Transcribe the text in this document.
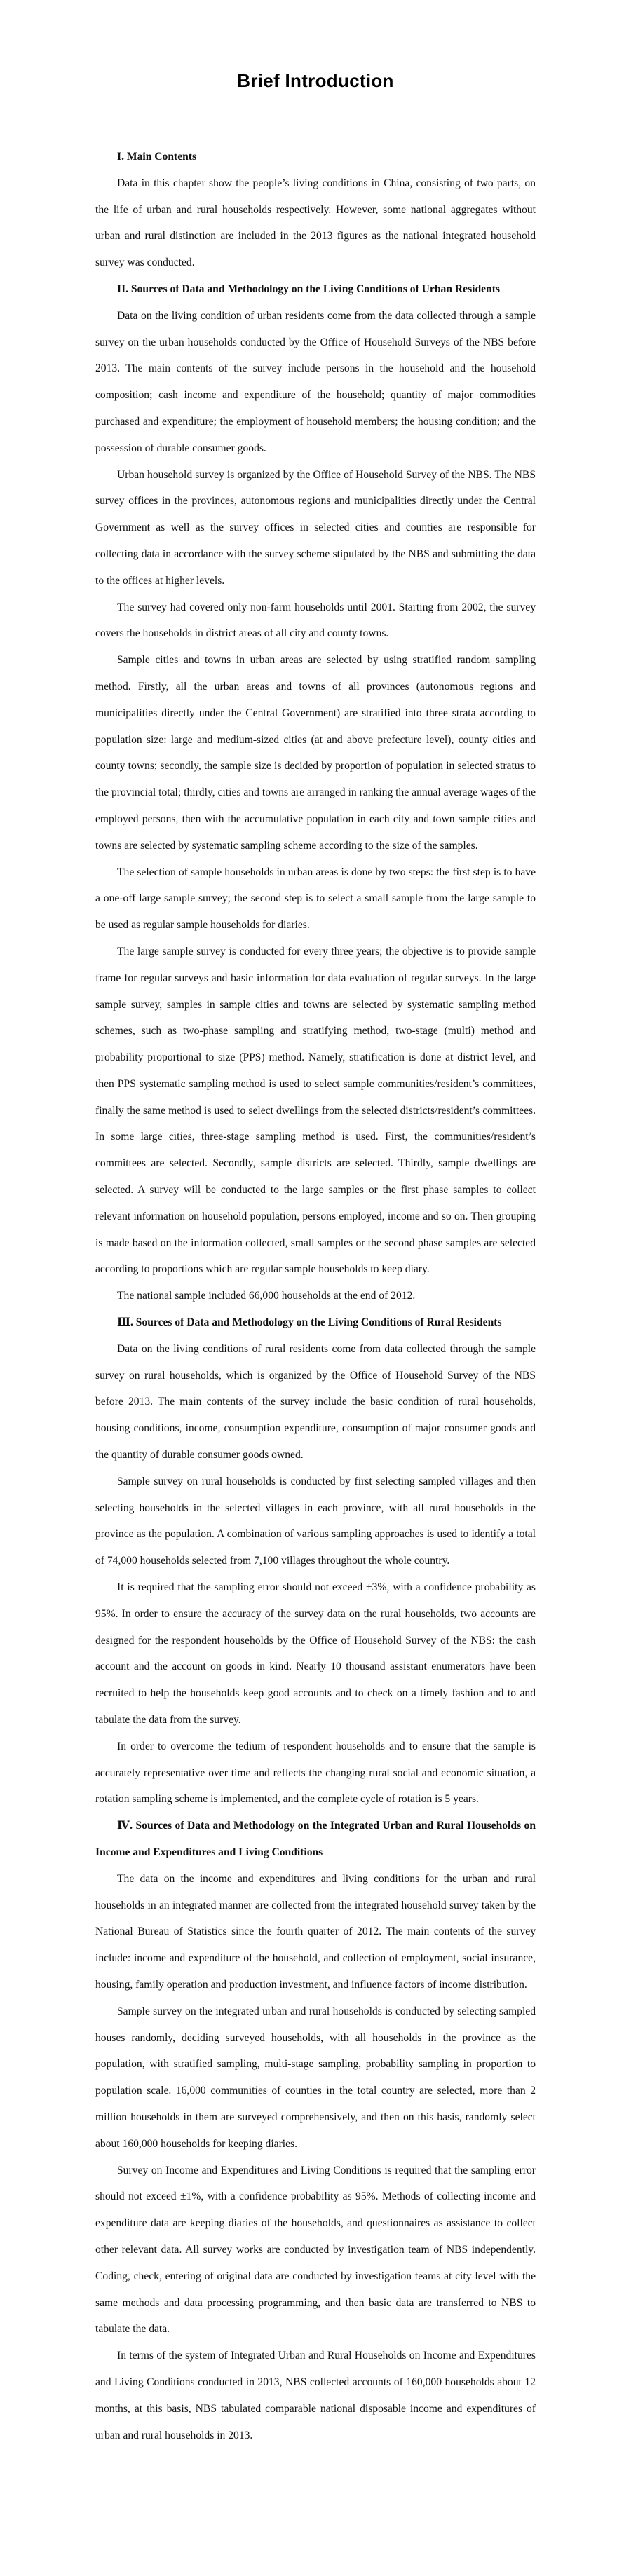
Brief Introduction

I. Main Contents

Data in this chapter show the people’s living conditions in China, consisting of two parts, on the life of urban and rural households respectively. However, some national aggregates without urban and rural distinction are included in the 2013 figures as the national integrated household survey was conducted.

II. Sources of Data and Methodology on the Living Conditions of Urban Residents

Data on the living condition of urban residents come from the data collected through a sample survey on the urban households conducted by the Office of Household Surveys of the NBS before 2013. The main contents of the survey include persons in the household and the household composition; cash income and expenditure of the household; quantity of major commodities purchased and expenditure; the employment of household members; the housing condition; and the possession of durable consumer goods.

Urban household survey is organized by the Office of Household Survey of the NBS. The NBS survey offices in the provinces, autonomous regions and municipalities directly under the Central Government as well as the survey offices in selected cities and counties are responsible for collecting data in accordance with the survey scheme stipulated by the NBS and submitting the data to the offices at higher levels.

The survey had covered only non-farm households until 2001. Starting from 2002, the survey covers the households in district areas of all city and county towns.

Sample cities and towns in urban areas are selected by using stratified random sampling method. Firstly, all the urban areas and towns of all provinces (autonomous regions and municipalities directly under the Central Government) are stratified into three strata according to population size: large and medium-sized cities (at and above prefecture level), county cities and county towns; secondly, the sample size is decided by proportion of population in selected stratus to the provincial total; thirdly, cities and towns are arranged in ranking the annual average wages of the employed persons, then with the accumulative population in each city and town sample cities and towns are selected by systematic sampling scheme according to the size of the samples.

The selection of sample households in urban areas is done by two steps: the first step is to have a one-off large sample survey; the second step is to select a small sample from the large sample to be used as regular sample households for diaries.

The large sample survey is conducted for every three years; the objective is to provide sample frame for regular surveys and basic information for data evaluation of regular surveys. In the large sample survey, samples in sample cities and towns are selected by systematic sampling method schemes, such as two-phase sampling and stratifying method, two-stage (multi) method and probability proportional to size (PPS) method. Namely, stratification is done at district level, and then PPS systematic sampling method is used to select sample communities/resident’s committees, finally the same method is used to select dwellings from the selected districts/resident’s committees. In some large cities, three-stage sampling method is used. First, the communities/resident’s committees are selected. Secondly, sample districts are selected. Thirdly, sample dwellings are selected. A survey will be conducted to the large samples or the first phase samples to collect relevant information on household population, persons employed, income and so on. Then grouping is made based on the information collected, small samples or the second phase samples are selected according to proportions which are regular sample households to keep diary.

The national sample included 66,000 households at the end of 2012.

Ⅲ. Sources of Data and Methodology on the Living Conditions of Rural Residents

Data on the living conditions of rural residents come from data collected through the sample survey on rural households, which is organized by the Office of Household Survey of the NBS before 2013. The main contents of the survey include the basic condition of rural households, housing conditions, income, consumption expenditure, consumption of major consumer goods and the quantity of durable consumer goods owned.

Sample survey on rural households is conducted by first selecting sampled villages and then selecting households in the selected villages in each province, with all rural households in the province as the population. A combination of various sampling approaches is used to identify a total of 74,000 households selected from 7,100 villages throughout the whole country.

It is required that the sampling error should not exceed ±3%, with a confidence probability as 95%. In order to ensure the accuracy of the survey data on the rural households, two accounts are designed for the respondent households by the Office of Household Survey of the NBS: the cash account and the account on goods in kind. Nearly 10 thousand assistant enumerators have been recruited to help the households keep good accounts and to check on a timely fashion and to and tabulate the data from the survey.

In order to overcome the tedium of respondent households and to ensure that the sample is accurately representative over time and reflects the changing rural social and economic situation, a rotation sampling scheme is implemented, and the complete cycle of rotation is 5 years.

Ⅳ. Sources of Data and Methodology on the Integrated Urban and Rural Households on Income and Expenditures and Living Conditions

The data on the income and expenditures and living conditions for the urban and rural households in an integrated manner are collected from the integrated household survey taken by the National Bureau of Statistics since the fourth quarter of 2012. The main contents of the survey include: income and expenditure of the household, and collection of employment, social insurance, housing, family operation and production investment, and influence factors of income distribution.

Sample survey on the integrated urban and rural households is conducted by selecting sampled houses randomly, deciding surveyed households, with all households in the province as the population, with stratified sampling, multi-stage sampling, probability sampling in proportion to population scale. 16,000 communities of counties in the total country are selected, more than 2 million households in them are surveyed comprehensively, and then on this basis, randomly select about 160,000 households for keeping diaries.

Survey on Income and Expenditures and Living Conditions is required that the sampling error should not exceed ±1%, with a confidence probability as 95%. Methods of collecting income and expenditure data are keeping diaries of the households, and questionnaires as assistance to collect other relevant data. All survey works are conducted by investigation team of NBS independently. Coding, check, entering of original data are conducted by investigation teams at city level with the same methods and data processing programming, and then basic data are transferred to NBS to tabulate the data.

In terms of the system of Integrated Urban and Rural Households on Income and Expenditures and Living Conditions conducted in 2013, NBS collected accounts of 160,000 households about 12 months, at this basis, NBS tabulated comparable national disposable income and expenditures of urban and rural households in 2013.
